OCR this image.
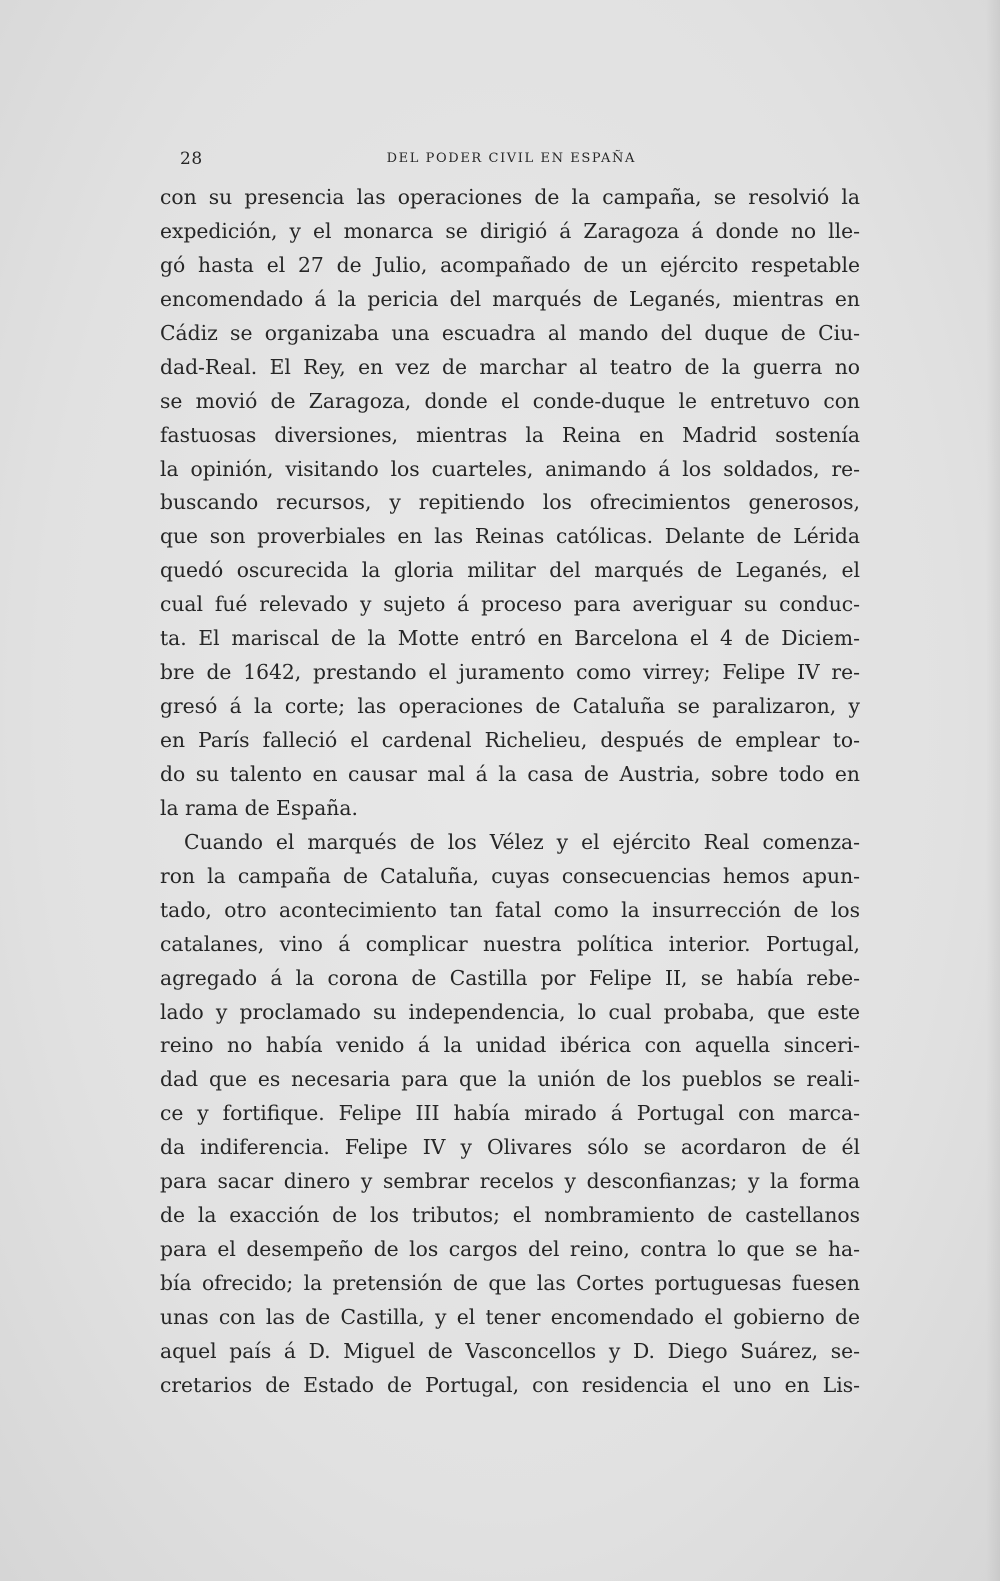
28	DEL PODER CIVIL EN ESPAÑA
con su presencia las operaciones de la campaña, se resolvió la
expedición, y el monarca se dirigió á Zaragoza á donde no lle-
gó hasta el 27 de Julio, acompañado de un ejército respetable
encomendado á la pericia del marqués de Leganés, mientras en
Cádiz se organizaba una escuadra al mando del duque de Ciu-
dad-Real. El Rey, en vez de marchar al teatro de la guerra no
se movió de Zaragoza, donde el conde-duque le entretuvo con
fastuosas diversiones, mientras la Reina en Madrid sostenía
la opinión, visitando los cuarteles, animando á los soldados, re-
buscando recursos, y repitiendo los ofrecimientos generosos,
que son proverbiales en las Reinas católicas. Delante de Lérida
quedó oscurecida la gloria militar del marqués de Leganés, el
cual fué relevado y sujeto á proceso para averiguar su conduc-
ta. El mariscal de la Motte entró en Barcelona el 4 de Diciem-
bre de 1642, prestando el juramento como virrey; Felipe IV re-
gresó á la corte; las operaciones de Cataluña se paralizaron, y
en París falleció el cardenal Richelieu, después de emplear to-
do su talento en causar mal á la casa de Austria, sobre todo en
la rama de España.
Cuando el marqués de los Vélez y el ejército Real comenza-
ron la campaña de Cataluña, cuyas consecuencias hemos apun-
tado, otro acontecimiento tan fatal como la insurrección de los
catalanes, vino á complicar nuestra política interior. Portugal,
agregado á la corona de Castilla por Felipe II, se había rebe-
lado y proclamado su independencia, lo cual probaba, que este
reino no había venido á la unidad ibérica con aquella sinceri-
dad que es necesaria para que la unión de los pueblos se reali-
ce y fortifique. Felipe III había mirado á Portugal con marca-
da indiferencia. Felipe IV y Olivares sólo se acordaron de él
para sacar dinero y sembrar recelos y desconfianzas; y la forma
de la exacción de los tributos; el nombramiento de castellanos
para el desempeño de los cargos del reino, contra lo que se ha-
bía ofrecido; la pretensión de que las Cortes portuguesas fuesen
unas con las de Castilla, y el tener encomendado el gobierno de
aquel país á D. Miguel de Vasconcellos y D. Diego Suárez, se-
cretarios de Estado de Portugal, con residencia el uno en Lis-
